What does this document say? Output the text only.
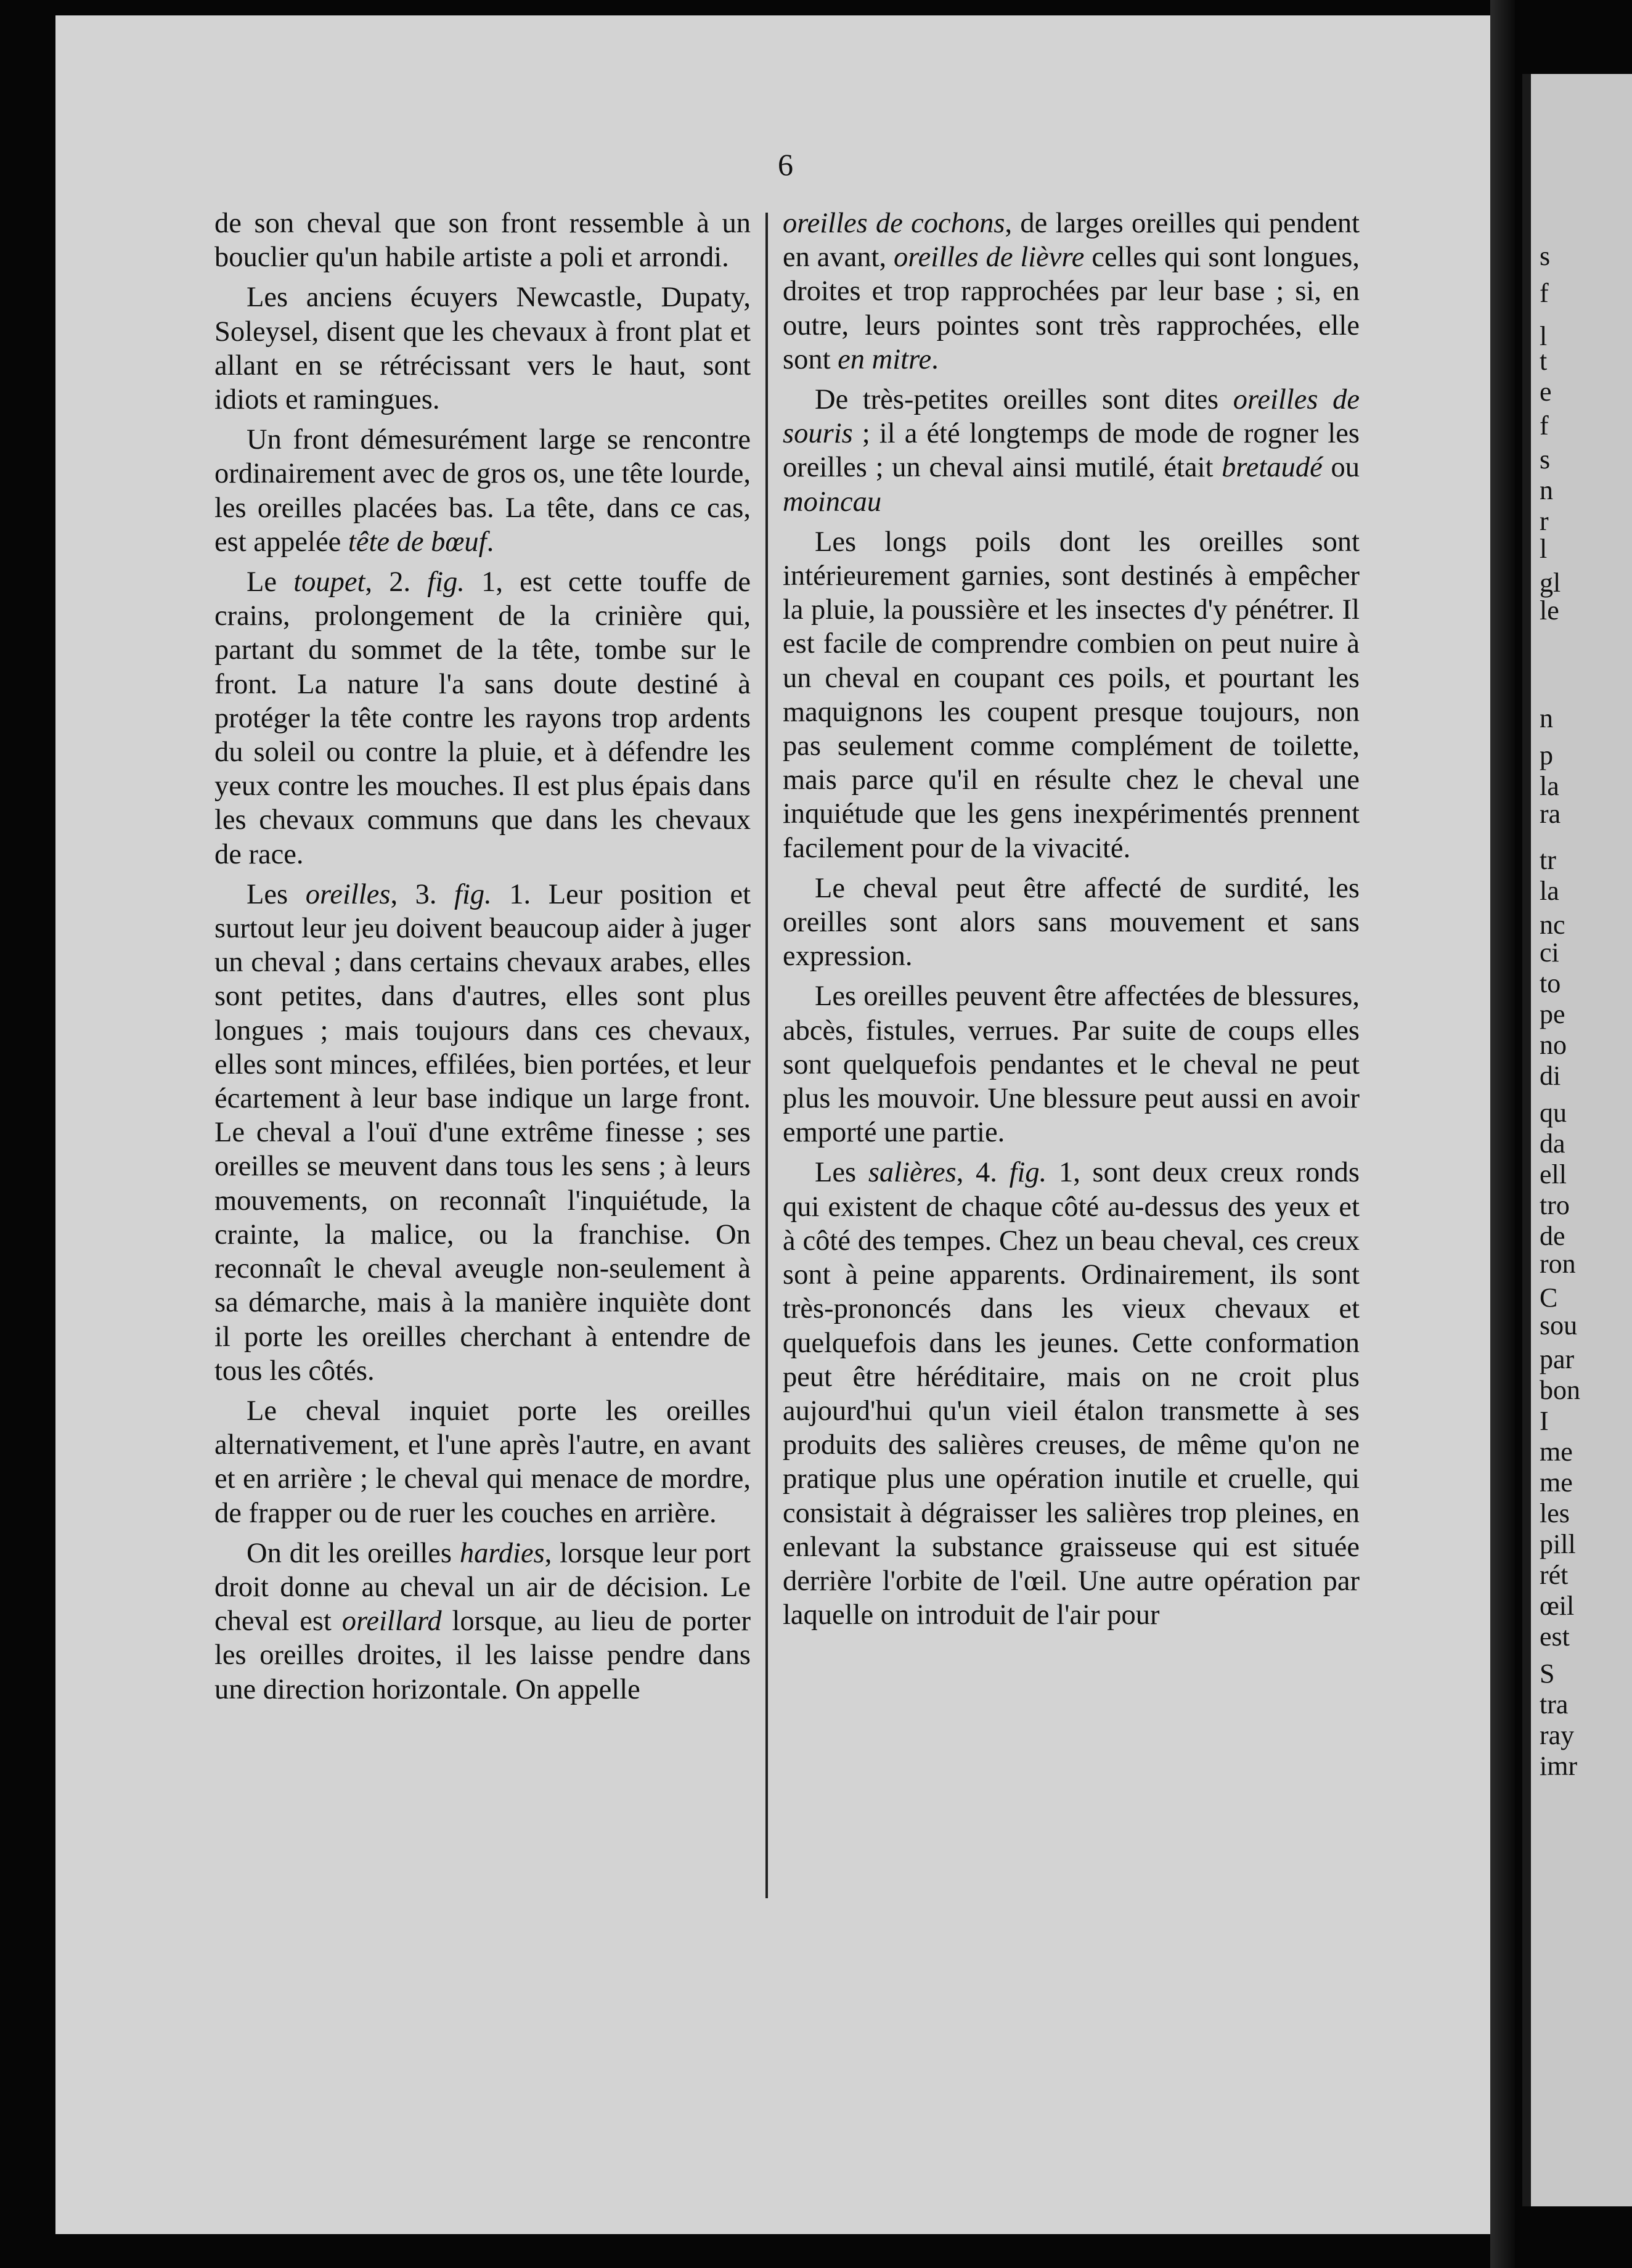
s
f
l
t
e
f
s
n
r
l
gl
le
n
p
la
ra
tr
la
nc
ci
to
pe
no
di
qu
da
ell
tro
de
ron
C
sou
par
bon
I
me
me
les
pill
rét
œil
est
S
tra
ray
imr
6

de son cheval que son front ressemble à un bouclier qu'un habile artiste a poli et arrondi.

Les anciens écuyers Newcastle, Dupaty, Soleysel, disent que les chevaux à front plat et allant en se rétrécissant vers le haut, sont idiots et ramingues.

Un front démesurément large se rencontre ordinairement avec de gros os, une tête lourde, les oreilles placées bas. La tête, dans ce cas, est appelée tête de bœuf.

Le toupet, 2. fig. 1, est cette touffe de crains, prolongement de la crinière qui, partant du sommet de la tête, tombe sur le front. La nature l'a sans doute destiné à protéger la tête contre les rayons trop ardents du soleil ou contre la pluie, et à défendre les yeux contre les mouches. Il est plus épais dans les chevaux communs que dans les chevaux de race.

Les oreilles, 3. fig. 1. Leur position et surtout leur jeu doivent beaucoup aider à juger un cheval ; dans certains chevaux arabes, elles sont petites, dans d'autres, elles sont plus longues ; mais toujours dans ces chevaux, elles sont minces, effilées, bien portées, et leur écartement à leur base indique un large front. Le cheval a l'ouï d'une extrême finesse ; ses oreilles se meuvent dans tous les sens ; à leurs mouvements, on reconnaît l'inquiétude, la crainte, la malice, ou la franchise. On reconnaît le cheval aveugle non-seulement à sa démarche, mais à la manière inquiète dont il porte les oreilles cherchant à entendre de tous les côtés.

Le cheval inquiet porte les oreilles alternativement, et l'une après l'autre, en avant et en arrière ; le cheval qui menace de mordre, de frapper ou de ruer les couches en arrière.

On dit les oreilles hardies, lorsque leur port droit donne au cheval un air de décision. Le cheval est oreillard lorsque, au lieu de porter les oreilles droites, il les laisse pendre dans une direction horizontale. On appelle

oreilles de cochons, de larges oreilles qui pendent en avant, oreilles de lièvre celles qui sont longues, droites et trop rapprochées par leur base ; si, en outre, leurs pointes sont très rapprochées, elle sont en mitre.

De très-petites oreilles sont dites oreilles de souris ; il a été longtemps de mode de rogner les oreilles ; un cheval ainsi mutilé, était bretaudé ou moincau

Les longs poils dont les oreilles sont intérieurement garnies, sont destinés à empêcher la pluie, la poussière et les insectes d'y pénétrer. Il est facile de comprendre combien on peut nuire à un cheval en coupant ces poils, et pourtant les maquignons les coupent presque toujours, non pas seulement comme complément de toilette, mais parce qu'il en résulte chez le cheval une inquiétude que les gens inexpérimentés prennent facilement pour de la vivacité.

Le cheval peut être affecté de surdité, les oreilles sont alors sans mouvement et sans expression.

Les oreilles peuvent être affectées de blessures, abcès, fistules, verrues. Par suite de coups elles sont quelquefois pendantes et le cheval ne peut plus les mouvoir. Une blessure peut aussi en avoir emporté une partie.

Les salières, 4. fig. 1, sont deux creux ronds qui existent de chaque côté au-dessus des yeux et à côté des tempes. Chez un beau cheval, ces creux sont à peine apparents. Ordinairement, ils sont très-prononcés dans les vieux chevaux et quelquefois dans les jeunes. Cette conformation peut être héréditaire, mais on ne croit plus aujourd'hui qu'un vieil étalon transmette à ses produits des salières creuses, de même qu'on ne pratique plus une opération inutile et cruelle, qui consistait à dégraisser les salières trop pleines, en enlevant la substance graisseuse qui est située derrière l'orbite de l'œil. Une autre opération par laquelle on introduit de l'air pour
